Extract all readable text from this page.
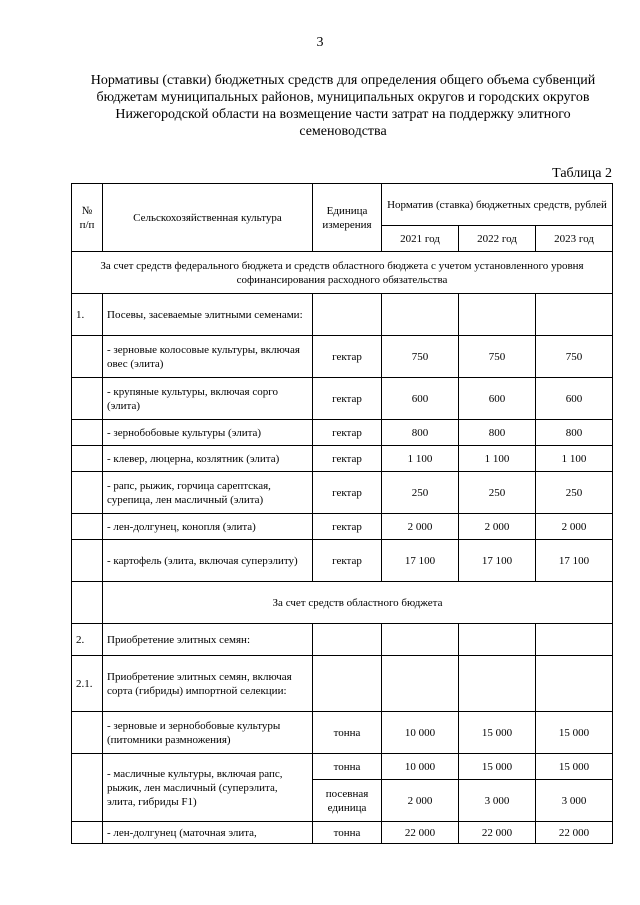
3
Нормативы (ставки) бюджетных средств для определения общего объема субвенций бюджетам муниципальных районов, муниципальных округов и городских округов Нижегородской области на возмещение части затрат на поддержку элитного семеноводства
Таблица 2
№ п/п	Сельскохозяйственная культура	Единица измерения	Норматив (ставка) бюджетных средств, рублей		
			2021 год	2022 год	2023 год
За счет средств федерального бюджета и средств областного бюджета с учетом установленного уровня софинансирования расходного обязательства					
1.	Посевы, засеваемые элитными семенами:				
	- зерновые колосовые культуры, включая овес (элита)	гектар	750	750	750
	- крупяные культуры, включая сорго (элита)	гектар	600	600	600
	- зернобобовые культуры (элита)	гектар	800	800	800
	- клевер, люцерна, козлятник (элита)	гектар	1 100	1 100	1 100
	- рапс, рыжик, горчица сарептская, сурепица, лен масличный (элита)	гектар	250	250	250
	- лен-долгунец, конопля (элита)	гектар	2 000	2 000	2 000
	- картофель (элита, включая суперэлиту)	гектар	17 100	17 100	17 100
	За счет средств областного бюджета				
2.	Приобретение элитных семян:				
2.1.	Приобретение элитных семян, включая сорта (гибриды) импортной селекции:				
	- зерновые и зернобобовые культуры (питомники размножения)	тонна	10 000	15 000	15 000
	- масличные культуры, включая рапс, рыжик, лен масличный (суперэлита, элита, гибриды F1)	тонна	10 000	15 000	15 000
		посевная единица	2 000	3 000	3 000
	- лен-долгунец (маточная элита,	тонна	22 000	22 000	22 000
